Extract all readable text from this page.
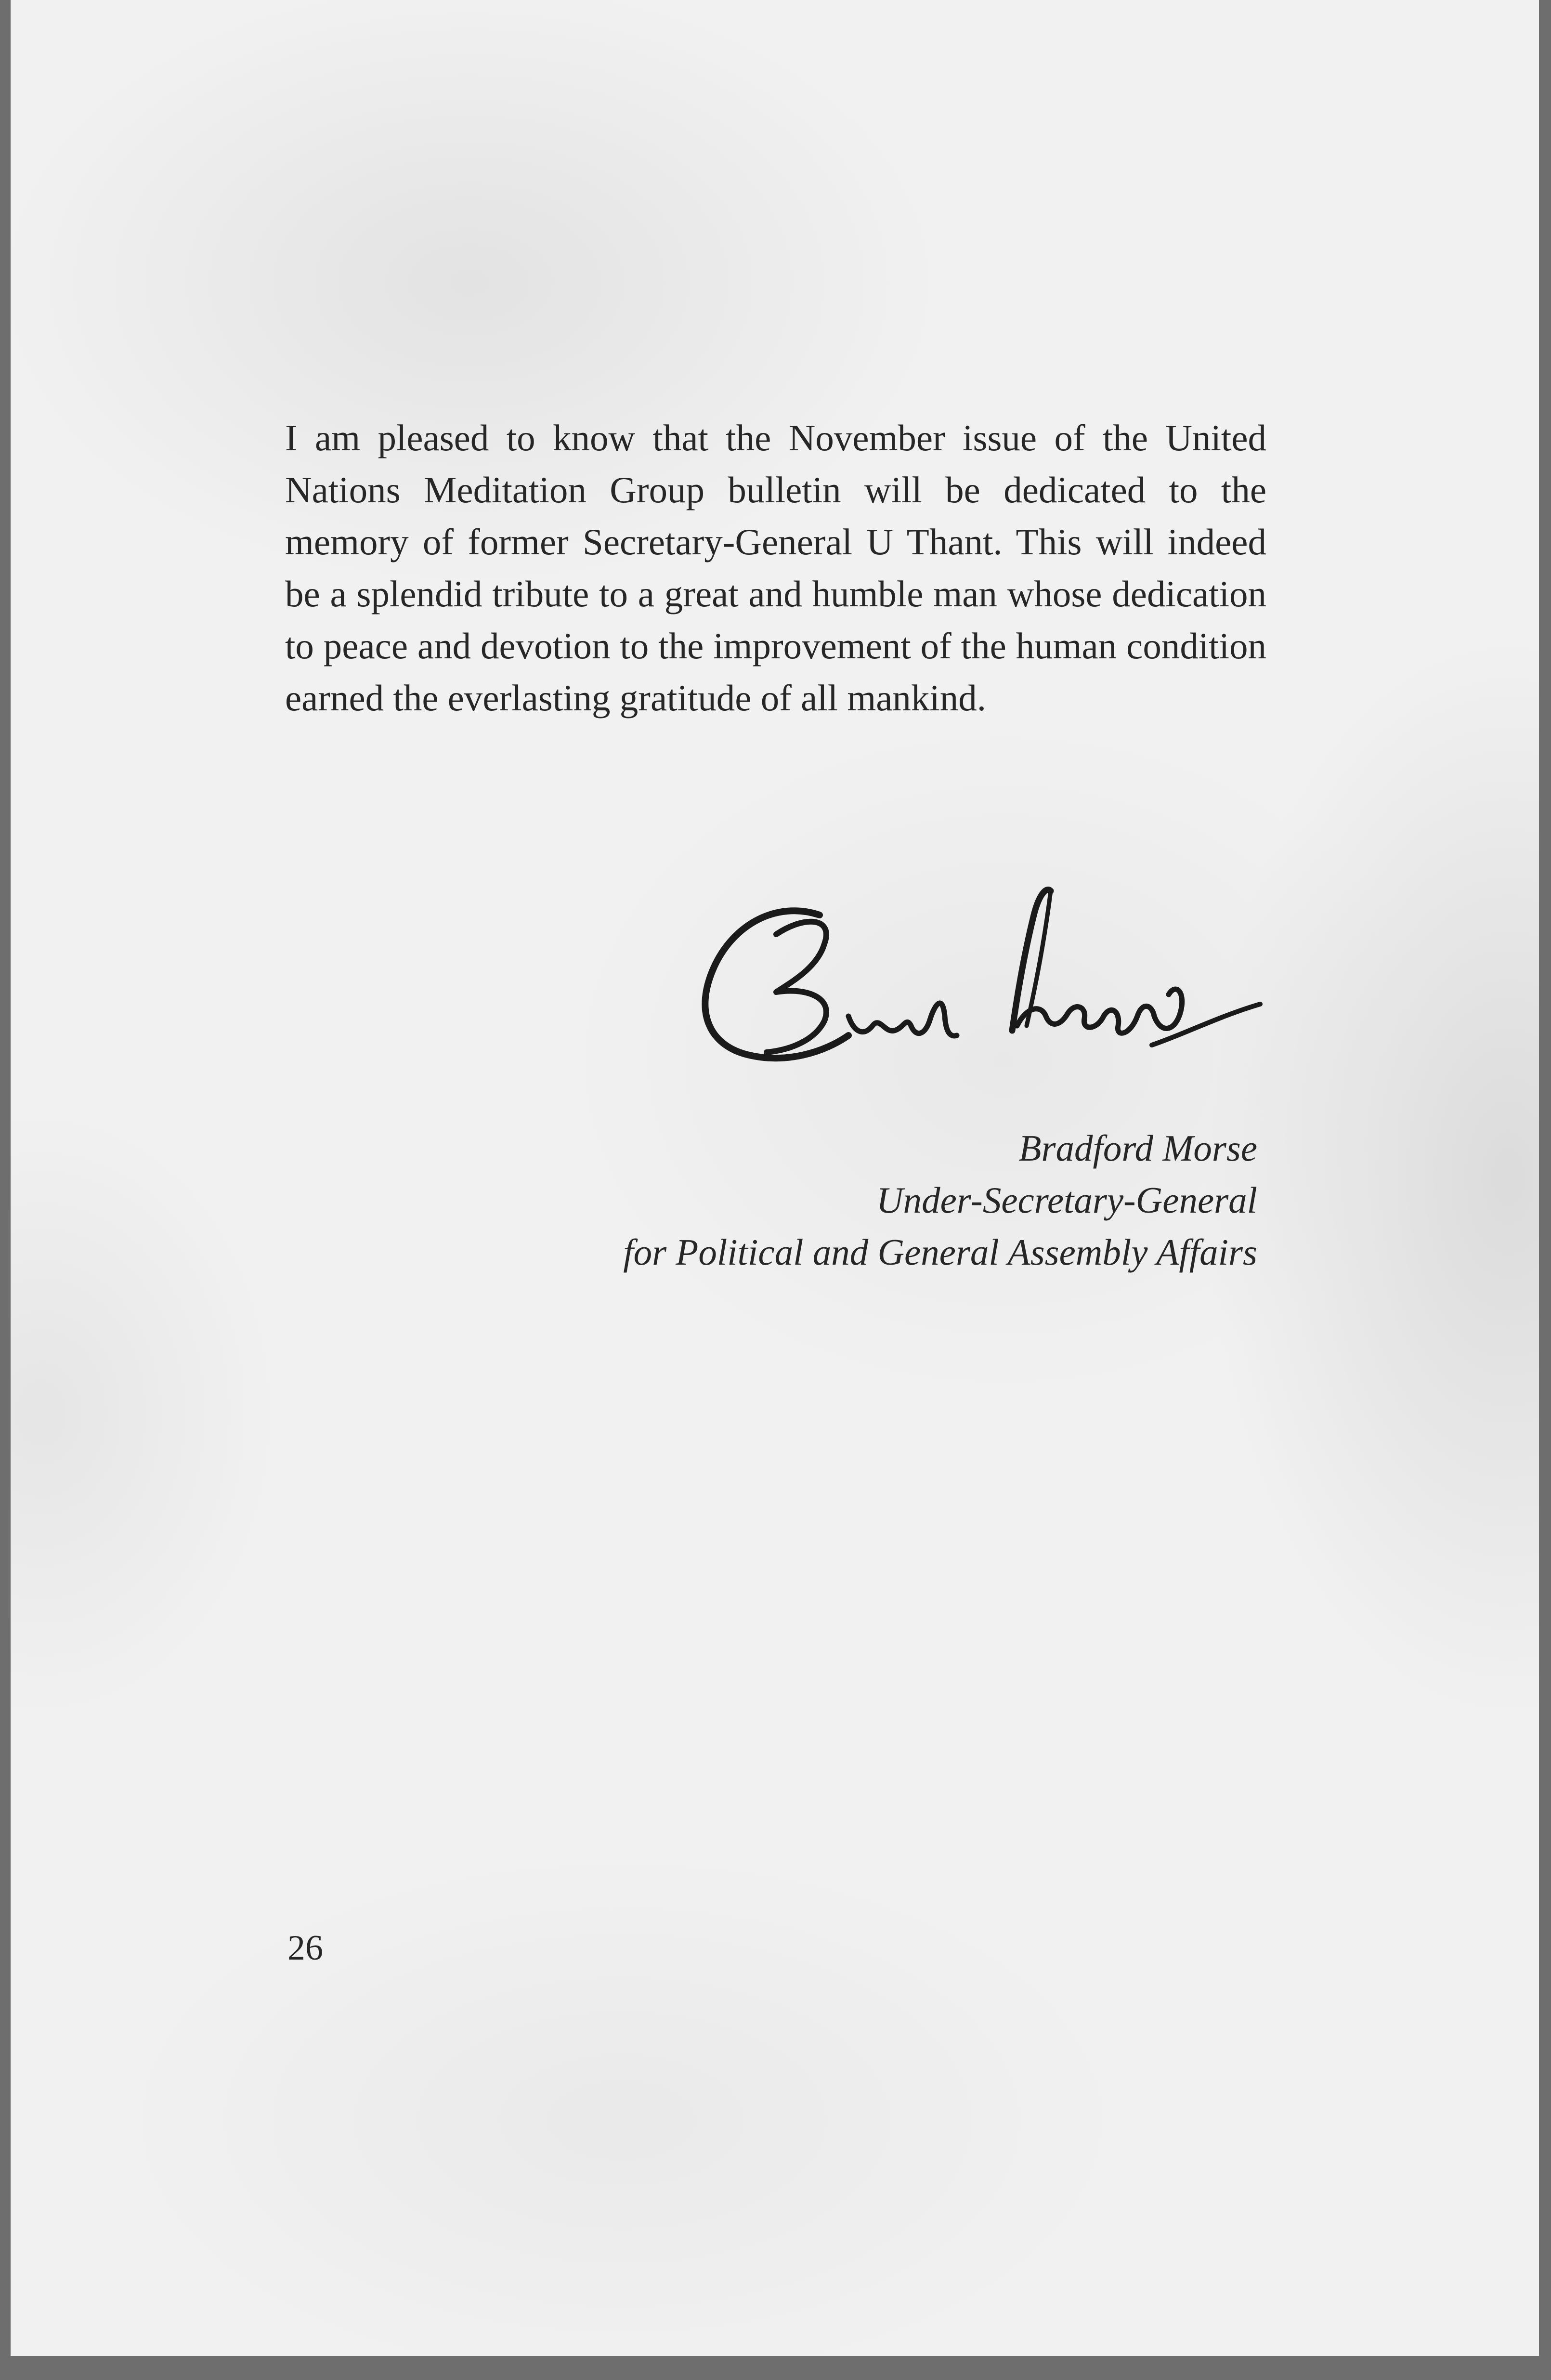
I am pleased to know that the November issue of the United Nations Meditation Group bulletin will be dedicated to the memory of former Secretary-General U Thant. This will indeed be a splendid tribute to a great and humble man whose dedication to peace and devotion to the improvement of the human condition earned the everlasting gratitude of all mankind.

Bradford Morse
Under-Secretary-General
for Political and General Assembly Affairs
26
